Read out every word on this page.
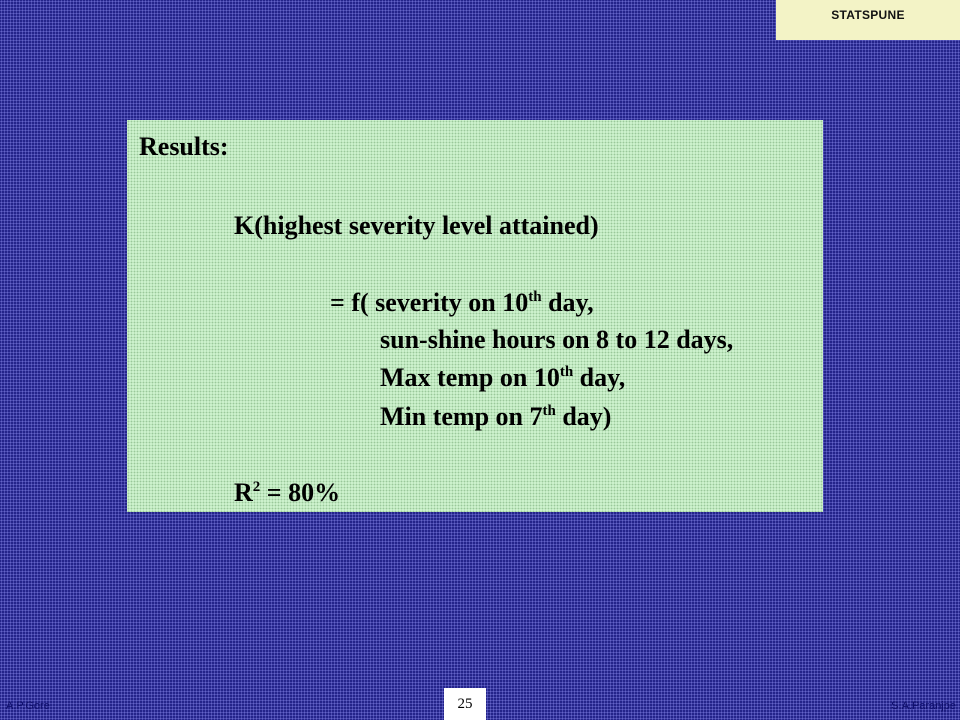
STATSPUNE
Results:
K(highest severity level attained)
= f( severity on 10th day,
sun-shine hours on 8 to 12 days,
Max temp on 10th day,
Min temp on 7th day)
$R^2 = 80\%$
A.P.Gore	25	S.A.Paranjpe
